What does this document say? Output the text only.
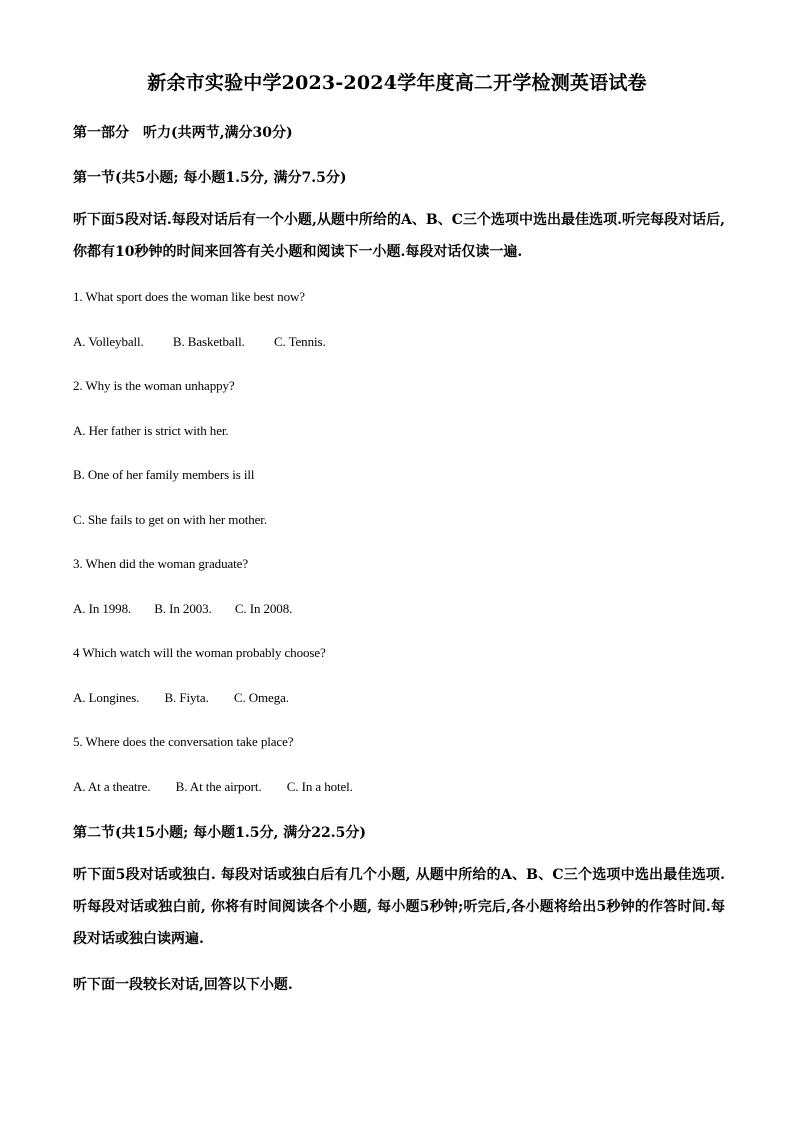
新余市实验中学2023-2024学年度高二开学检测英语试卷
第一部分　听力(共两节,满分30分)
第一节(共5小题; 每小题1.5分, 满分7.5分)
听下面5段对话.每段对话后有一个小题,从题中所给的A、B、C三个选项中选出最佳选项.听完每段对话后, 你都有10秒钟的时间来回答有关小题和阅读下一小题.每段对话仅读一遍.
1. What sport does the woman like best now?
A. Volleyball. B. Basketball. C. Tennis.
2. Why is the woman unhappy?
A. Her father is strict with her.
B. One of her family members is ill
C. She fails to get on with her mother.
3. When did the woman graduate?
A. In 1998. B. In 2003. C. In 2008.
4 Which watch will the woman probably choose?
A. Longines. B. Fiyta. C. Omega.
5. Where does the conversation take place?
A. At a theatre. B. At the airport. C. In a hotel.
第二节(共15小题; 每小题1.5分, 满分22.5分)
听下面5段对话或独白. 每段对话或独白后有几个小题, 从题中所给的A、B、C三个选项中选出最佳选项.听每段对话或独白前, 你将有时间阅读各个小题, 每小题5秒钟;听完后,各小题将给出5秒钟的作答时间.每段对话或独白读两遍.
听下面一段较长对话,回答以下小题.
